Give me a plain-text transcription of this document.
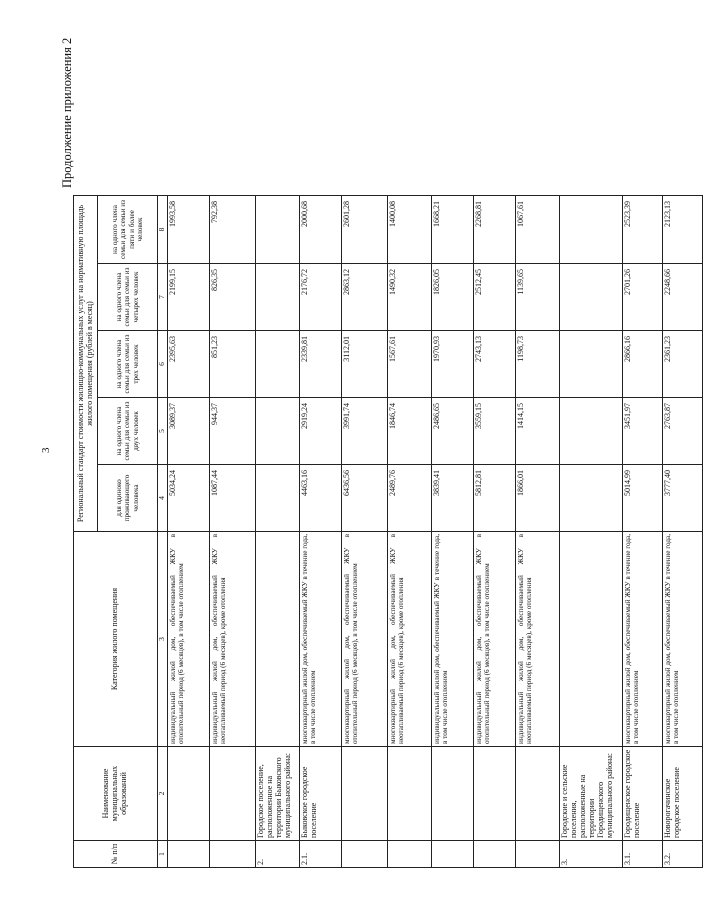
3
Продолжение приложения 2
№ п/п	Наименование муниципальных образований	Категория жилого помещения	Региональный стандарт стоимости жилищно-коммунальных услуг на нормативную площадь жилого помещения (рублей в месяц)				
			для одиноко проживающего человека	на одного члена семьи для семьи из двух человек	на одного члена семьи для семьи из трех человек	на одного члена семьи для семьи из четырех человек	на одного члена семьи для семьи из пяти и более человек
1	2	3	4	5	6	7	8
		индивидуальный жилой дом, обеспечиваемый ЖКУ в отопительный период (6 месяцев), в том числе отоплением	5034,24	3089,37	2395,63	2199,15	1993,58
		индивидуальный жилой дом, обеспечиваемый ЖКУ в неотапливаемый период (6 месяцев), кроме отопления	1087,44	944,37	851,23	826,35	792,38
2.	Городское поселение, расположенное на территории Быковского муниципального района:						
2.1.	Быковское городское поселение	многоквартирный жилой дом, обеспечиваемый ЖКУ в течение года, в том числе отоплением	4463,16	2919,24	2339,81	2176,72	2000,68
		многоквартирный жилой дом, обеспечиваемый ЖКУ в отопительный период (6 месяцев), в том числе отоплением	6436,56	3991,74	3112,01	2863,12	2601,28
		многоквартирный жилой дом, обеспечиваемый ЖКУ в неотапливаемый период (6 месяцев), кроме отопления	2489,76	1846,74	1567,61	1490,32	1400,08
		индивидуальный жилой дом, обеспечиваемый ЖКУ в течение года, в том числе отоплением	3839,41	2486,65	1970,93	1826,05	1668,21
		индивидуальный жилой дом, обеспечиваемый ЖКУ в отопительный период (6 месяцев), в том числе отоплением	5812,81	3559,15	2743,13	2512,45	2268,81
		индивидуальный жилой дом, обеспечиваемый ЖКУ в неотапливаемый период (6 месяцев), кроме отопления	1866,01	1414,15	1198,73	1139,65	1067,61
3.	Городские и сельские поселения, расположенные на территории Городищенского муниципального района:						
3.1.	Городищенское городское поселение	многоквартирный жилой дом, обеспечиваемый ЖКУ в течение года, в том числе отоплением	5014,99	3451,97	2866,16	2701,26	2523,39
3.2.	Новорогачинское городское поселение	многоквартирный жилой дом, обеспечиваемый ЖКУ в течение года, в том числе отоплением	3777,40	2763,87	2361,23	2248,66	2123,13
